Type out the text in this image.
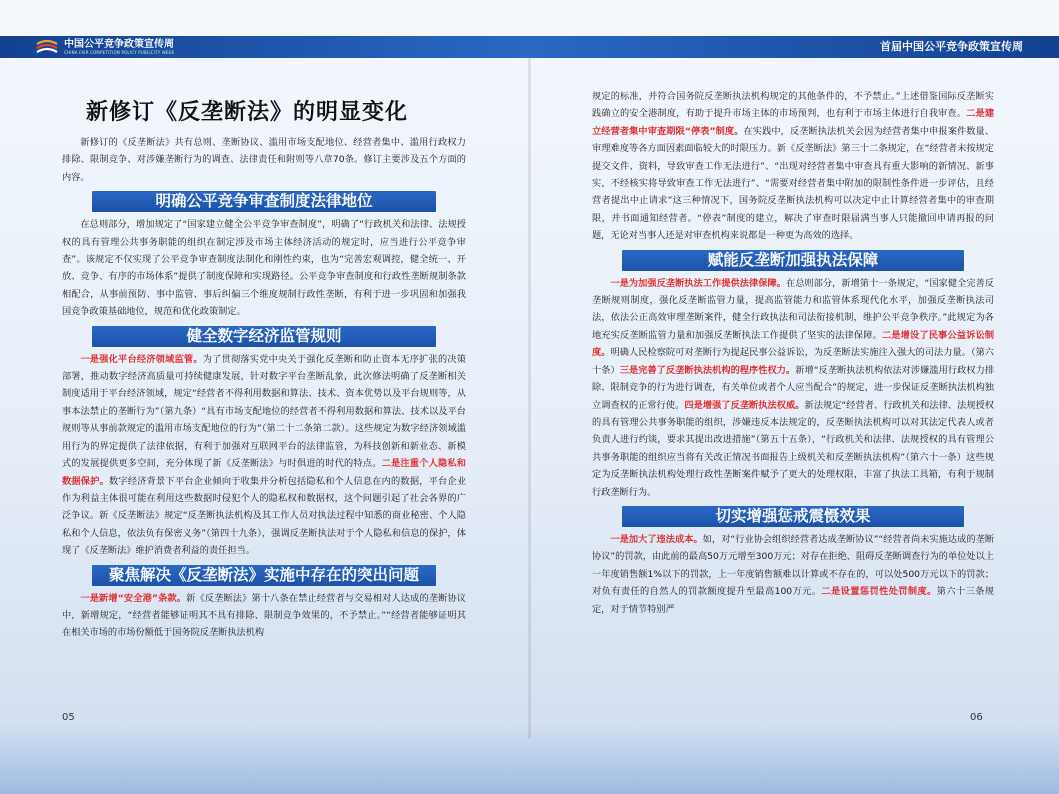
中国公平竞争政策宣传周
CHINA FAIR COMPETITION POLICY PUBLICITY WEEK	首届中国公平竞争政策宣传周
新修订《反垄断法》的明显变化

新修订的《反垄断法》共有总则、垄断协议、滥用市场支配地位、经营者集中、滥用行政权力排除、限制竞争、对涉嫌垄断行为的调查、法律责任和附则等八章70条。修订主要涉及五个方面的内容。

明确公平竞争审查制度法律地位

在总则部分，增加规定了“国家建立健全公平竞争审查制度”，明确了“行政机关和法律、法规授权的具有管理公共事务职能的组织在制定涉及市场主体经济活动的规定时，应当进行公平竞争审查”。该规定不仅实现了公平竞争审查制度法制化和刚性约束，也为“完善宏观调控，健全统一、开放、竞争、有序的市场体系”提供了制度保障和实现路径。公平竞争审查制度和行政性垄断规制条款相配合，从事前预防、事中监管、事后纠偏三个维度规制行政性垄断，有利于进一步巩固和加强我国竞争政策基础地位，规范和优化政策制定。

健全数字经济监管规则

一是强化平台经济领域监管。为了贯彻落实党中央关于强化反垄断和防止资本无序扩张的决策部署，推动数字经济高质量可持续健康发展，针对数字平台垄断乱象，此次修法明确了反垄断相关制度适用于平台经济领域，规定“经营者不得利用数据和算法、技术、资本优势以及平台规则等，从事本法禁止的垄断行为”（第九条）“具有市场支配地位的经营者不得利用数据和算法、技术以及平台规则等从事前款规定的滥用市场支配地位的行为”（第二十二条第二款）。这些规定为数字经济领域滥用行为的界定提供了法律依据，有利于加强对互联网平台的法律监管，为科技创新和新业态、新模式的发展提供更多空间，充分体现了新《反垄断法》与时俱进的时代的特点。二是注重个人隐私和数据保护。数字经济背景下平台企业倾向于收集并分析包括隐私和个人信息在内的数据，平台企业作为利益主体很可能在利用这些数据时侵犯个人的隐私权和数据权，这个问题引起了社会各界的广泛争议。新《反垄断法》规定“反垄断执法机构及其工作人员对执法过程中知悉的商业秘密、个人隐私和个人信息，依法负有保密义务”（第四十九条），强调反垄断执法对于个人隐私和信息的保护，体现了《反垄断法》维护消费者利益的责任担当。

聚焦解决《反垄断法》实施中存在的突出问题

一是新增“安全港”条款。新《反垄断法》第十八条在禁止经营者与交易相对人达成的垄断协议中，新增规定，“经营者能够证明其不具有排除、限制竞争效果的，不予禁止。”“经营者能够证明其在相关市场的市场份额低于国务院反垄断执法机构

规定的标准，并符合国务院反垄断执法机构规定的其他条件的，不予禁止。”上述借鉴国际反垄断实践确立的安全港制度，有助于提升市场主体的市场预判，也有利于市场主体进行自我审查。二是建立经营者集中审查期限“停表”制度。在实践中，反垄断执法机关会因为经营者集中申报案件数量、审理难度等各方面因素面临较大的时限压力。新《反垄断法》第三十二条规定，在“经营者未按规定提交文件、资料，导致审查工作无法进行”、“出现对经营者集中审查具有重大影响的新情况、新事实，不经核实将导致审查工作无法进行”、“需要对经营者集中附加的限制性条件进一步评估，且经营者提出中止请求”这三种情况下，国务院反垄断执法机构可以决定中止计算经营者集中的审查期限，并书面通知经营者。“停表”制度的建立，解决了审查时限届满当事人只能撤回申请再报的问题，无论对当事人还是对审查机构来说都是一种更为高效的选择。

赋能反垄断加强执法保障

一是为加强反垄断执法工作提供法律保障。在总则部分，新增第十一条规定，“国家健全完善反垄断规则制度，强化反垄断监管力量，提高监管能力和监管体系现代化水平，加强反垄断执法司法，依法公正高效审理垄断案件，健全行政执法和司法衔接机制，维护公平竞争秩序。”此规定为各地充实反垄断监管力量和加强反垄断执法工作提供了坚实的法律保障。二是增设了民事公益诉讼制度。明确人民检察院可对垄断行为提起民事公益诉讼，为反垄断法实施注入强大的司法力量。（第六十条）三是完善了反垄断执法机构的程序性权力。新增“反垄断执法机构依法对涉嫌滥用行政权力排除、限制竞争的行为进行调查，有关单位或者个人应当配合”的规定，进一步保证反垄断执法机构独立调查权的正常行使。四是增强了反垄断执法权威。新法规定“经营者、行政机关和法律、法规授权的具有管理公共事务职能的组织，涉嫌违反本法规定的，反垄断执法机构可以对其法定代表人或者负责人进行约谈，要求其提出改进措施”（第五十五条），“行政机关和法律、法规授权的具有管理公共事务职能的组织应当将有关改正情况书面报告上级机关和反垄断执法机构”（第六十一条）这些规定为反垄断执法机构处理行政性垄断案件赋予了更大的处理权限，丰富了执法工具箱，有利于规制行政垄断行为。

切实增强惩戒震慑效果

一是加大了违法成本。如，对“行业协会组织经营者达成垄断协议”“经营者尚未实施达成的垄断协议”的罚款，由此前的最高50万元增至300万元；对存在拒绝、阻碍反垄断调查行为的单位处以上一年度销售额1%以下的罚款，上一年度销售额难以计算或不存在的，可以处500万元以下的罚款；对负有责任的自然人的罚款额度提升至最高100万元。二是设置惩罚性处罚制度。第六十三条规定，对于情节特别严

05	06
